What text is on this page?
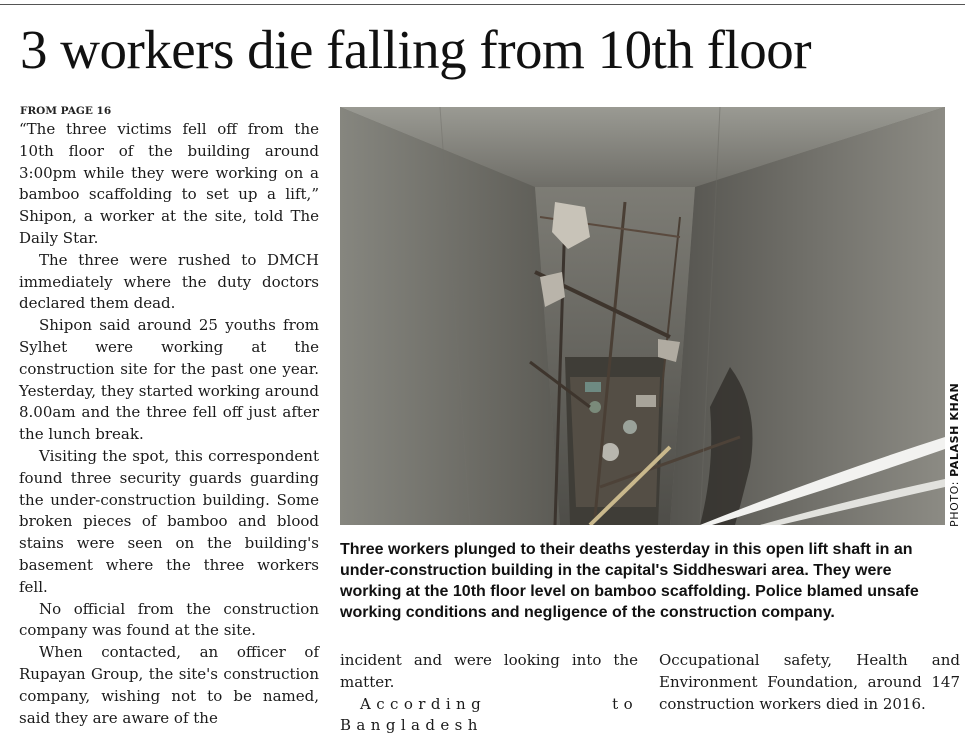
3 workers die falling from 10th floor
FROM PAGE 16

“The three victims fell off from the 10th floor of the building around 3:00pm while they were working on a bamboo scaffolding to set up a lift,” Shipon, a worker at the site, told The Daily Star.

The three were rushed to DMCH immediately where the duty doctors declared them dead.

Shipon said around 25 youths from Sylhet were working at the construction site for the past one year. Yesterday, they started working around 8.00am and the three fell off just after the lunch break.

Visiting the spot, this correspondent found three security guards guarding the under-construction building. Some broken pieces of bamboo and blood stains were seen on the building's basement where the three workers fell.

No official from the construction company was found at the site.

When contacted, an officer of Rupayan Group, the site's construction company, wishing not to be named, said they are aware of the

PHOTO: PALASH KHAN

Three workers plunged to their deaths yesterday in this open lift shaft in an under-construction building in the capital's Siddheswari area. They were working at the 10th floor level on bamboo scaffolding. Police blamed unsafe working conditions and negligence of the construction company.

incident and were looking into the matter.

According to Bangladesh

Occupational safety, Health and Environment Foundation, around 147 construction workers died in 2016.
